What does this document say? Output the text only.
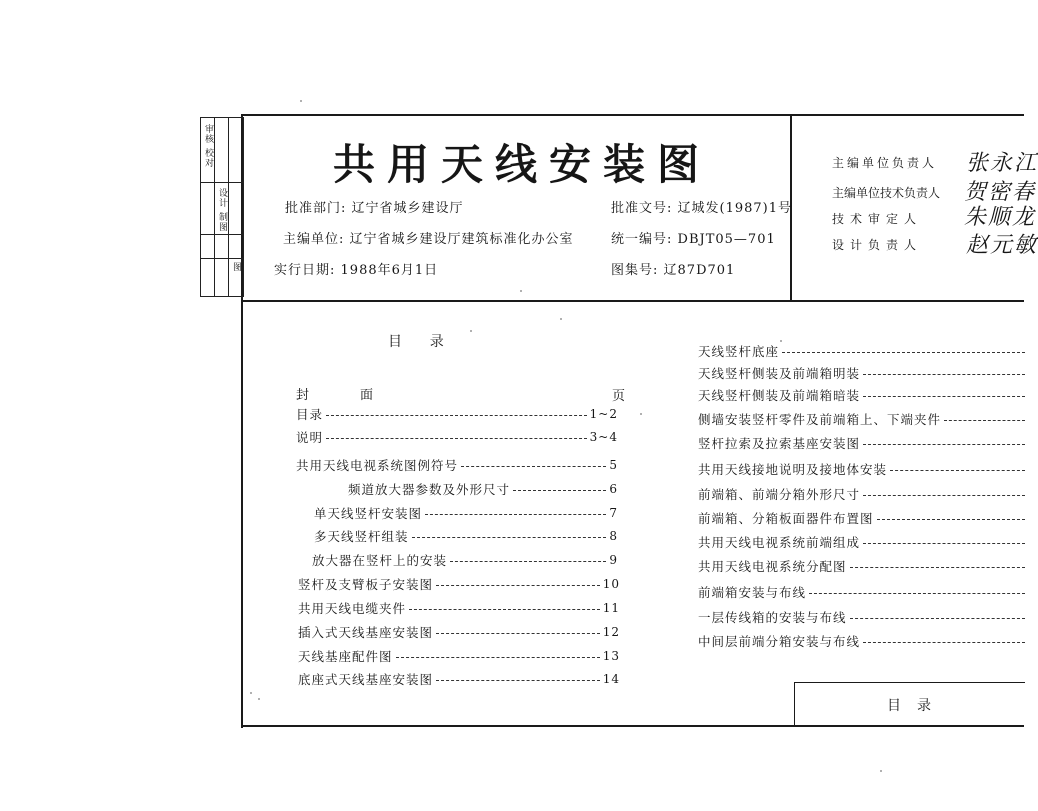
审核 校对
设计 制图
图
共用天线安装图
批准部门: 辽宁省城乡建设厅
主编单位: 辽宁省城乡建设厅建筑标准化办公室
实行日期: 1988年6月1日
批准文号: 辽城发(1987)1号
统一编号: DBJT05—701
图集号: 辽87D701
主编单位负责人 张永江
主编单位技术负责人 贺密春
技术审定人 朱顺龙
设计负责人 赵元敏
目    录
封        面	页
目录	1~2
说明	3~4
共用天线电视系统图例符号	5
频道放大器参数及外形尺寸	6
单天线竖杆安装图	7
多天线竖杆组装	8
放大器在竖杆上的安装	9
竖杆及支臂板子安装图	10
共用天线电缆夹件	11
插入式天线基座安装图	12
天线基座配件图	13
底座式天线基座安装图	14
天线竖杆底座
天线竖杆侧装及前端箱明装
天线竖杆侧装及前端箱暗装
侧墙安装竖杆零件及前端箱上、下端夹件
竖杆拉索及拉索基座安装图
共用天线接地说明及接地体安装
前端箱、前端分箱外形尺寸
前端箱、分箱板面器件布置图
共用天线电视系统前端组成
共用天线电视系统分配图
前端箱安装与布线
一层传线箱的安装与布线
中间层前端分箱安装与布线
目录
